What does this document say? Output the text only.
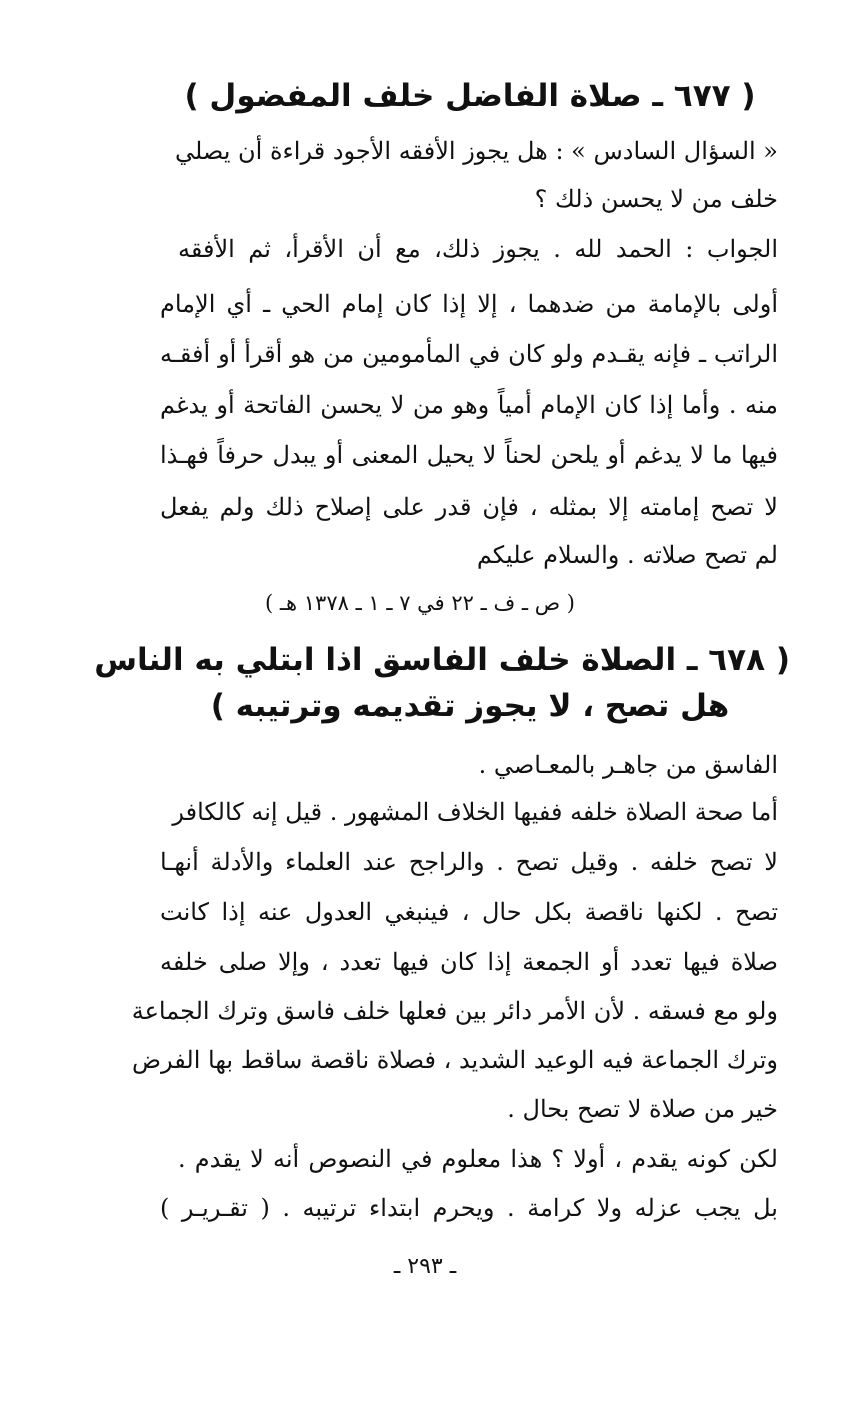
( ٦٧٧ ـ صلاة الفاضل خلف المفضول )
« السؤال السادس » : هل يجوز الأفقه الأجود قراءة أن يصلي
خلف من لا يحسن ذلك ؟
الجواب : الحمد لله . يجوز ذلك، مع أن الأقرأ، ثم الأفقه
أولى بالإمامة من ضدهما ، إلا إذا كان إمام الحي ـ أي الإمام
الراتب ـ فإنه يقـدم ولو كان في المأمومين من هو أقرأ أو أفقـه
منه . وأما إذا كان الإمام أمياً وهو من لا يحسن الفاتحة أو يدغم
فيها ما لا يدغم أو يلحن لحناً لا يحيل المعنى أو يبدل حرفاً فهـذا
لا تصح إمامته إلا بمثله ، فإن قدر على إصلاح ذلك ولم يفعل
لم تصح صلاته . والسلام عليكم
( ص ـ ف ـ ٢٢ في ٧ ـ ١ ـ ١٣٧٨ هـ )
( ٦٧٨ ـ الصلاة خلف الفاسق اذا ابتلي به الناس
هل تصح ، لا يجوز تقديمه وترتيبه )
الفاسق من جاهـر بالمعـاصي .
أما صحة الصلاة خلفه ففيها الخلاف المشهور . قيل إنه كالكافر
لا تصح خلفه . وقيل تصح . والراجح عند العلماء والأدلة أنهـا
تصح . لكنها ناقصة بكل حال ، فينبغي العدول عنه إذا كانت
صلاة فيها تعدد أو الجمعة إذا كان فيها تعدد ، وإلا صلى خلفه
ولو مع فسقه . لأن الأمر دائر بين فعلها خلف فاسق وترك الجماعة
وترك الجماعة فيه الوعيد الشديد ، فصلاة ناقصة ساقط بها الفرض
خير من صلاة لا تصح بحال .
لكن كونه يقدم ، أولا ؟ هذا معلوم في النصوص أنه لا يقدم .
بل يجب عزله ولا كرامة . ويحرم ابتداء ترتيبه . ( تقـريـر )
ـ ٢٩٣ ـ
